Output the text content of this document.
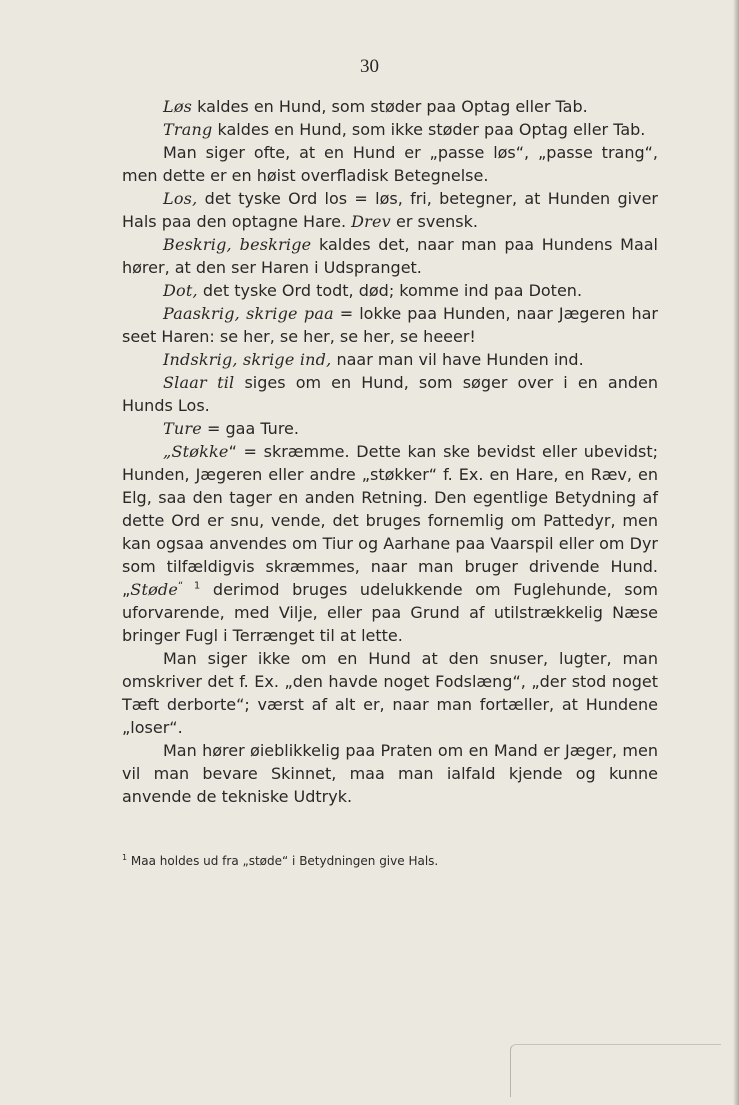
30

Løs kaldes en Hund, som støder paa Optag eller Tab.

Trang kaldes en Hund, som ikke støder paa Optag eller Tab.

Man siger ofte, at en Hund er „passe løs“, „passe trang“, men dette er en høist overfladisk Betegnelse.

Los, det tyske Ord los = løs, fri, betegner, at Hunden giver Hals paa den optagne Hare. Drev er svensk.

Beskrig, beskrige kaldes det, naar man paa Hundens Maal hører, at den ser Haren i Udspranget.

Dot, det tyske Ord todt, død; komme ind paa Doten.

Paaskrig, skrige paa = lokke paa Hunden, naar Jægeren har seet Haren: se her, se her, se her, se heeer!

Indskrig, skrige ind, naar man vil have Hunden ind.

Slaar til siges om en Hund, som søger over i en anden Hunds Los.

Ture = gaa Ture.

„Støkke“ = skræmme. Dette kan ske bevidst eller ubevidst; Hunden, Jægeren eller andre „støkker“ f. Ex. en Hare, en Ræv, en Elg, saa den tager en anden Retning. Den egentlige Betydning af dette Ord er snu, vende, det bruges fornemlig om Pattedyr, men kan ogsaa anvendes om Tiur og Aarhane paa Vaarspil eller om Dyr som tilfældigvis skræmmes, naar man bruger drivende Hund. „Støde$^{“ 1}$ derimod bruges udelukkende om Fuglehunde, som uforvarende, med Vilje, eller paa Grund af utilstrækkelig Næse bringer Fugl i Terrænget til at lette.

Man siger ikke om en Hund at den snuser, lugter, man omskriver det f. Ex. „den havde noget Fodslæng“, „der stod noget Tæft derborte“; værst af alt er, naar man fortæller, at Hundene „loser“.

Man hører øieblikkelig paa Praten om en Mand er Jæger, men vil man bevare Skinnet, maa man ialfald kjende og kunne anvende de tekniske Udtryk.

$^1$ Maa holdes ud fra „støde“ i Betydningen give Hals.
